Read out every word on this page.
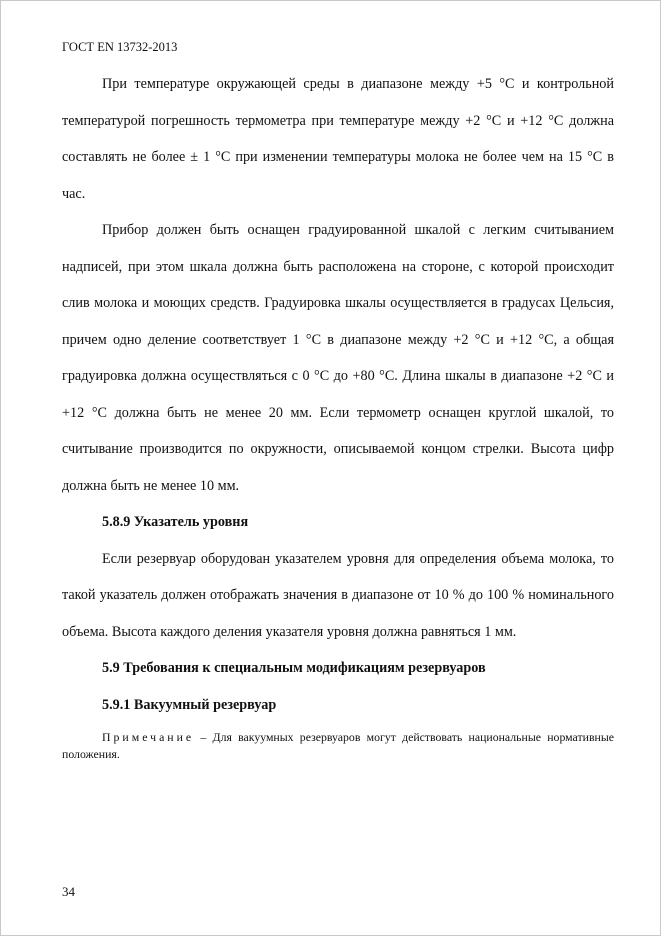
ГОСТ EN 13732-2013

При температуре окружающей среды в диапазоне между +5 °С и контрольной температурой погрешность термометра при температуре между +2 °С и +12 °С должна составлять не более ± 1 °С при изменении температуры молока не более чем на 15 °С в час.

Прибор должен быть оснащен градуированной шкалой с легким считыванием надписей, при этом шкала должна быть расположена на стороне, с которой происходит слив молока и моющих средств. Градуировка шкалы осуществляется в градусах Цельсия, причем одно деление соответствует 1 °С в диапазоне между +2 °С и +12 °С, а общая градуировка должна осуществляться с 0 °С до +80 °С. Длина шкалы в диапазоне +2 °С и +12 °С должна быть не менее 20 мм. Если термометр оснащен круглой шкалой, то считывание производится по окружности, описываемой концом стрелки. Высота цифр должна быть не менее 10 мм.

5.8.9 Указатель уровня

Если резервуар оборудован указателем уровня для определения объема молока, то такой указатель должен отображать значения в диапазоне от 10 % до 100 % номинального объема. Высота каждого деления указателя уровня должна равняться 1 мм.

5.9 Требования к специальным модификациям резервуаров

5.9.1 Вакуумный резервуар

Примечание – Для вакуумных резервуаров могут действовать национальные нормативные положения.

34
